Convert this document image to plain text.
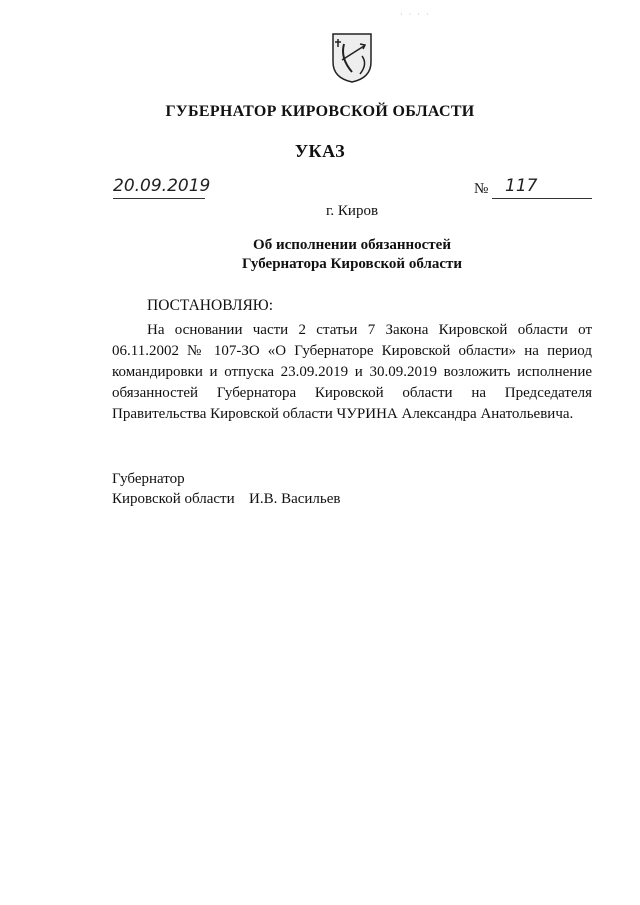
· · · ·
ГУБЕРНАТОР КИРОВСКОЙ ОБЛАСТИ
УКАЗ
20.09.2019	№ 117
г. Киров
Об исполнении обязанностей
Губернатора Кировской области
ПОСТАНОВЛЯЮ:
На основании части 2 статьи 7 Закона Кировской области от 06.11.2002 № 107-ЗО «О Губернаторе Кировской области» на период командировки и отпуска 23.09.2019 и 30.09.2019 возложить исполнение обязанностей Губернатора Кировской области на Председателя Правительства Кировской области ЧУРИНА Александра Анатольевича.
Губернатор
Кировской области И.В. Васильев
